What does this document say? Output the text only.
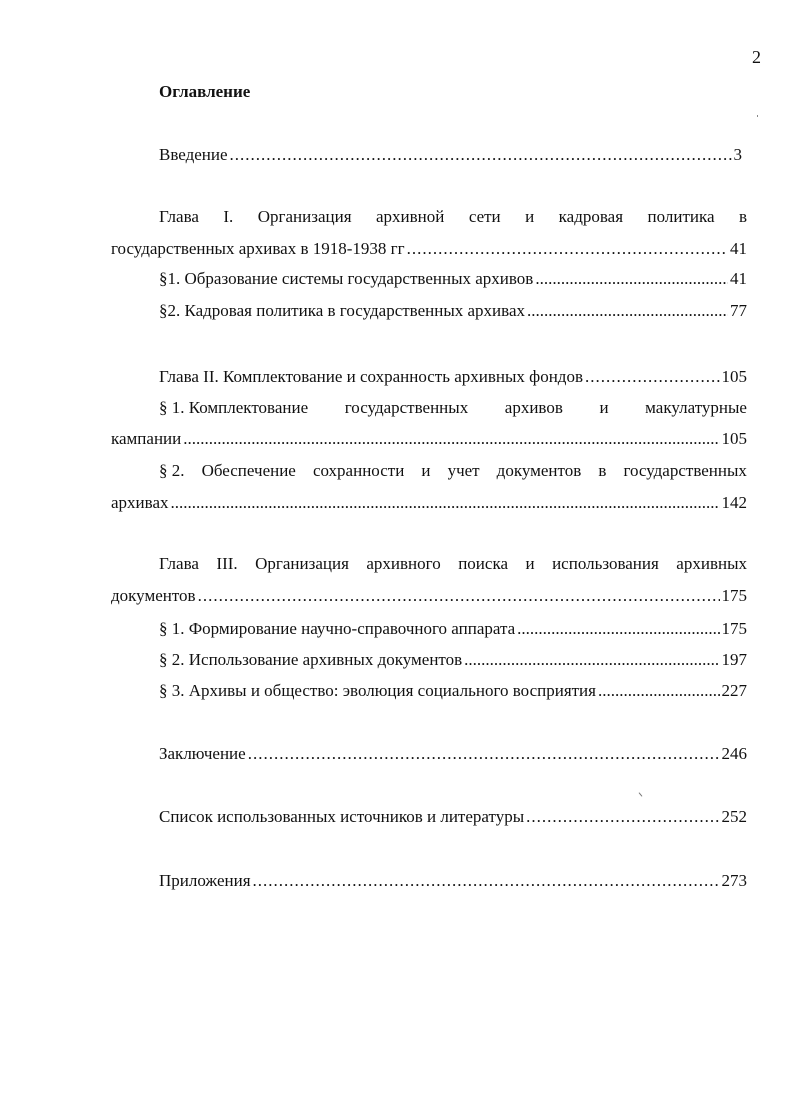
2
Оглавление
Введение .....	3
Глава I. Организация архивной сети и кадровая политика в
государственных архивах в 1918-1938 гг .....	41
§1. Образование системы государственных архивов .....	41
§2. Кадровая политика в государственных архивах .....	77
Глава II. Комплектование и сохранность архивных фондов .....	105
§ 1. Комплектование государственных архивов и макулатурные
кампании .....	105
§ 2. Обеспечение сохранности и учет документов в государственных
архивах .....	142
Глава III. Организация архивного поиска и использования архивных
документов .....	175
§ 1. Формирование научно-справочного аппарата .....	175
§ 2. Использование архивных документов .....	197
§ 3. Архивы и общество: эволюция социального восприятия .....	227
Заключение .....	246
Список использованных источников и литературы .....	252
Приложения .....	273
